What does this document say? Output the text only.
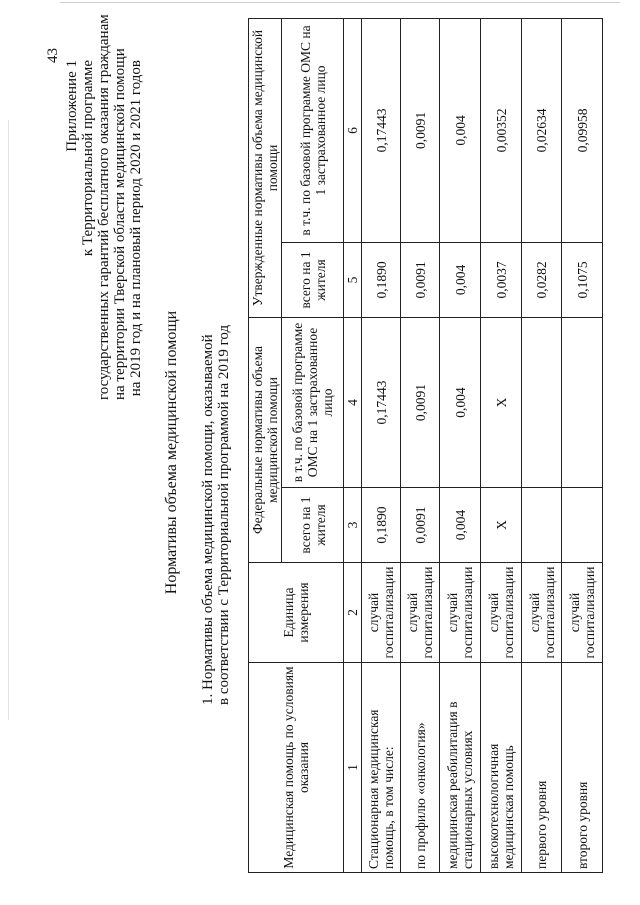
43
Приложение 1 к Территориальной программе государственных гарантий бесплатного оказания гражданам на территории Тверской области медицинской помощи на 2019 год и на плановый период 2020 и 2021 годов
Нормативы объема медицинской помощи 1. Нормативы объема медицинской помощи, оказываемой в соответствии с Территориальной программой на 2019 год
Медицинская помощь по условиям оказания	Единица измерения	Федеральные нормативы объема медицинской помощи		Утвержденные нормативы объема медицинской помощи	
		всего на 1 жителя	в т.ч. по базовой программе ОМС на 1 застрахованное лицо	всего на 1 жителя	в т.ч. по базовой программе ОМС на 1 застрахованное лицо
1	2	3	4	5	6
Стационарная медицинская помощь, в том числе:	случай госпитализации	0,1890	0,17443	0,1890	0,17443
по профилю «онкология»	случай госпитализации	0,0091	0,0091	0,0091	0,0091
медицинская реабилитация в стационарных условиях	случай госпитализации	0,004	0,004	0,004	0,004
высокотехнологичная медицинская помощь	случай госпитализации	X	X	0,0037	0,00352
первого уровня	случай госпитализации			0,0282	0,02634
второго уровня	случай госпитализации			0,1075	0,09958
